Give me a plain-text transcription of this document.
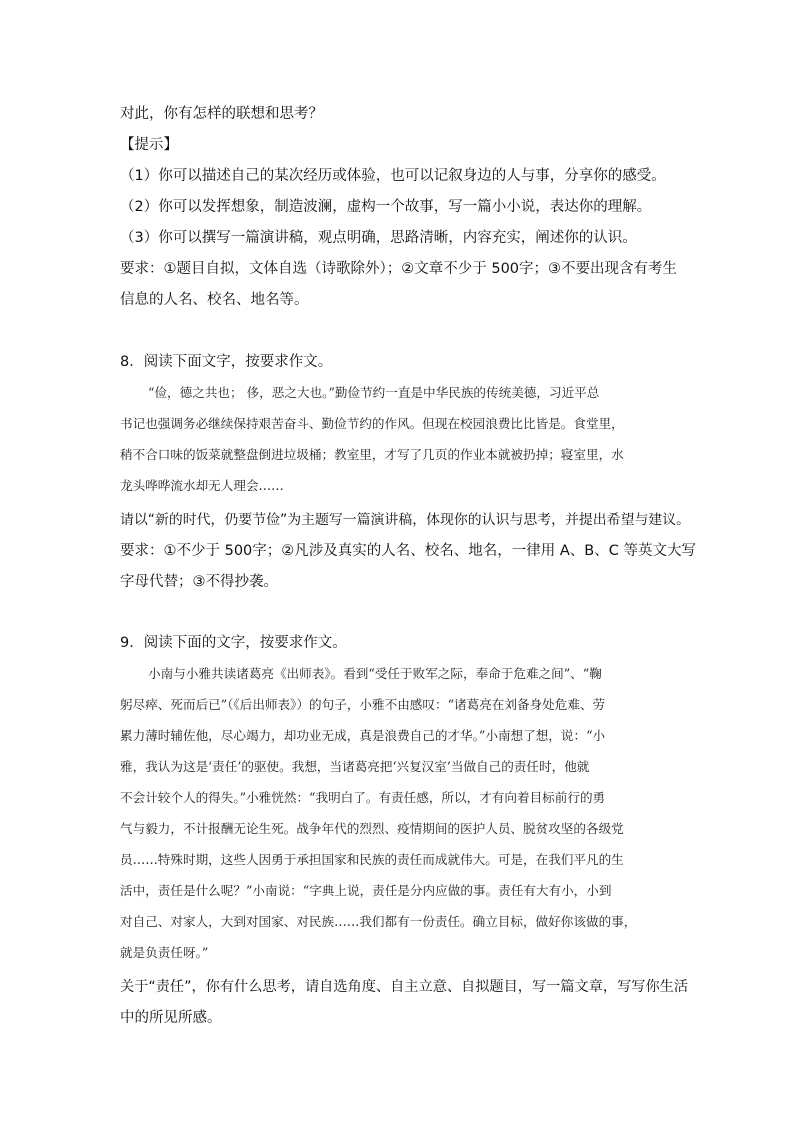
对此，你有怎样的联想和思考？

【提示】

（1）你可以描述自己的某次经历或体验，也可以记叙身边的人与事，分享你的感受。

（2）你可以发挥想象，制造波澜，虚构一个故事，写一篇小小说，表达你的理解。

（3）你可以撰写一篇演讲稿，观点明确，思路清晰，内容充实，阐述你的认识。

要求：①题目自拟，文体自选（诗歌除外）；②文章不少于 500字；③不要出现含有考生

信息的人名、校名、地名等。

8．阅读下面文字，按要求作文。

“俭，德之共也； 侈，恶之大也。”勤俭节约一直是中华民族的传统美德，习近平总

书记也强调务必继续保持艰苦奋斗、勤俭节约的作风。但现在校园浪费比比皆是。食堂里，

稍不合口味的饭菜就整盘倒进垃圾桶；教室里，才写了几页的作业本就被扔掉；寝室里，水

龙头哗哗流水却无人理会……

请以“新的时代，仍要节俭”为主题写一篇演讲稿，体现你的认识与思考，并提出希望与建议。

要求：①不少于 500字；②凡涉及真实的人名、校名、地名，一律用 A、B、C 等英文大写

字母代替；③不得抄袭。

9．阅读下面的文字，按要求作文。

小南与小雅共读诸葛亮《出师表》。看到“受任于败军之际，奉命于危难之间”、“鞠

躬尽瘁、死而后已”（《后出师表》）的句子，小雅不由感叹：“诸葛亮在刘备身处危难、劳

累力薄时辅佐他，尽心竭力，却功业无成，真是浪费自己的才华。”小南想了想，说：“小

雅，我认为这是‘责任’的驱使。我想，当诸葛亮把‘兴复汉室’当做自己的责任时，他就

不会计较个人的得失。”小雅恍然：“我明白了。有责任感，所以，才有向着目标前行的勇

气与毅力，不计报酬无论生死。战争年代的烈烈、疫情期间的医护人员、脱贫攻坚的各级党

员……特殊时期，这些人因勇于承担国家和民族的责任而成就伟大。可是，在我们平凡的生

活中，责任是什么呢？”小南说：“字典上说，责任是分内应做的事。责任有大有小，小到

对自己、对家人，大到对国家、对民族……我们都有一份责任。确立目标，做好你该做的事，

就是负责任呀。”

关于“责任”，你有什么思考，请自选角度、自主立意、自拟题目，写一篇文章，写写你生活

中的所见所感。
